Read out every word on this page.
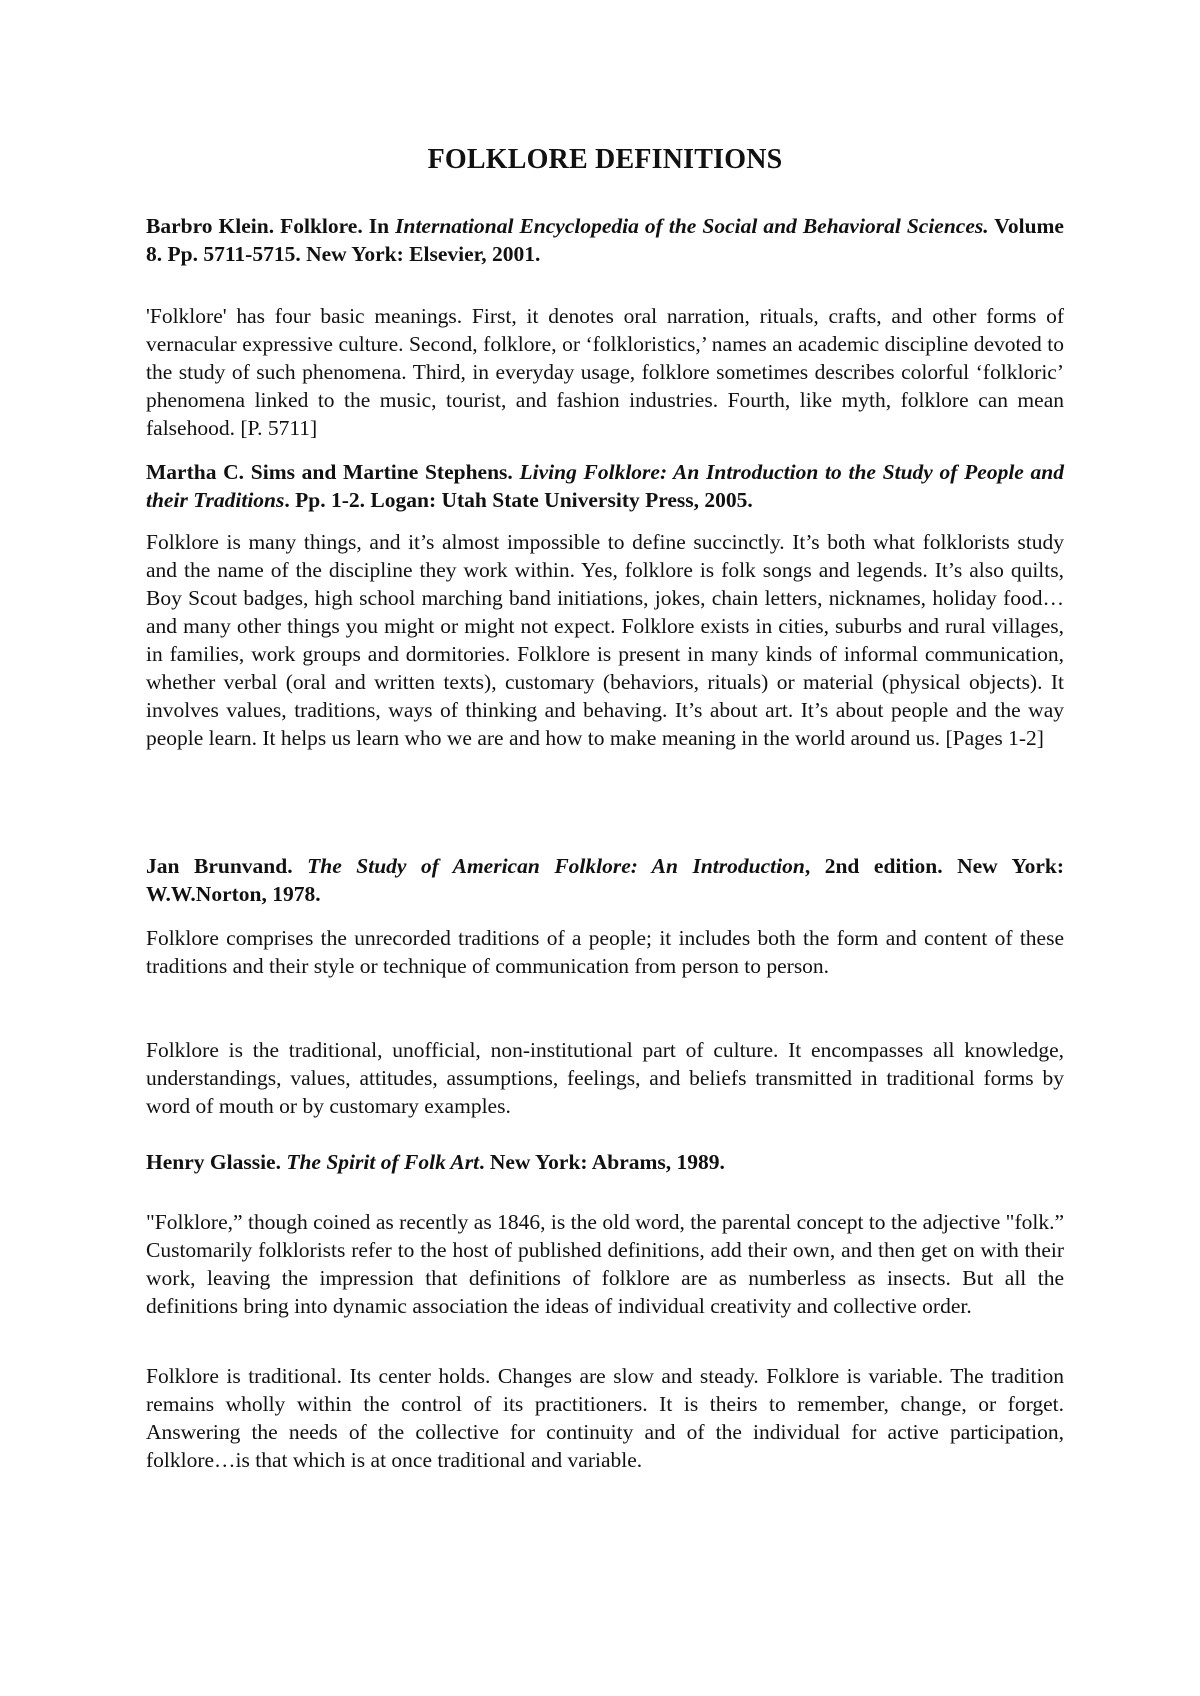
FOLKLORE DEFINITIONS

Barbro Klein. Folklore. In International Encyclopedia of the Social and Behavioral Sciences. Volume 8. Pp. 5711-5715. New York: Elsevier, 2001.

'Folklore' has four basic meanings. First, it denotes oral narration, rituals, crafts, and other forms of vernacular expressive culture. Second, folklore, or ‘folkloristics,’ names an academic discipline devoted to the study of such phenomena. Third, in everyday usage, folklore sometimes describes colorful ‘folkloric’ phenomena linked to the music, tourist, and fashion industries. Fourth, like myth, folklore can mean falsehood. [P. 5711]

Martha C. Sims and Martine Stephens. Living Folklore: An Introduction to the Study of People and their Traditions. Pp. 1-2. Logan: Utah State University Press, 2005.

Folklore is many things, and it’s almost impossible to define succinctly. It’s both what folklorists study and the name of the discipline they work within. Yes, folklore is folk songs and legends. It’s also quilts, Boy Scout badges, high school marching band initiations, jokes, chain letters, nicknames, holiday food… and many other things you might or might not expect. Folklore exists in cities, suburbs and rural villages, in families, work groups and dormitories. Folklore is present in many kinds of informal communication, whether verbal (oral and written texts), customary (behaviors, rituals) or material (physical objects). It involves values, traditions, ways of thinking and behaving. It’s about art. It’s about people and the way people learn. It helps us learn who we are and how to make meaning in the world around us. [Pages 1-2]

Jan Brunvand. The Study of American Folklore: An Introduction, 2nd edition. New York: W.W.Norton, 1978.

Folklore comprises the unrecorded traditions of a people; it includes both the form and content of these traditions and their style or technique of communication from person to person.

Folklore is the traditional, unofficial, non-institutional part of culture. It encompasses all knowledge, understandings, values, attitudes, assumptions, feelings, and beliefs transmitted in traditional forms by word of mouth or by customary examples.

Henry Glassie. The Spirit of Folk Art. New York: Abrams, 1989.

"Folklore,” though coined as recently as 1846, is the old word, the parental concept to the adjective "folk.” Customarily folklorists refer to the host of published definitions, add their own, and then get on with their work, leaving the impression that definitions of folklore are as numberless as insects. But all the definitions bring into dynamic association the ideas of individual creativity and collective order.

Folklore is traditional. Its center holds. Changes are slow and steady. Folklore is variable. The tradition remains wholly within the control of its practitioners. It is theirs to remember, change, or forget. Answering the needs of the collective for continuity and of the individual for active participation, folklore…is that which is at once traditional and variable.
